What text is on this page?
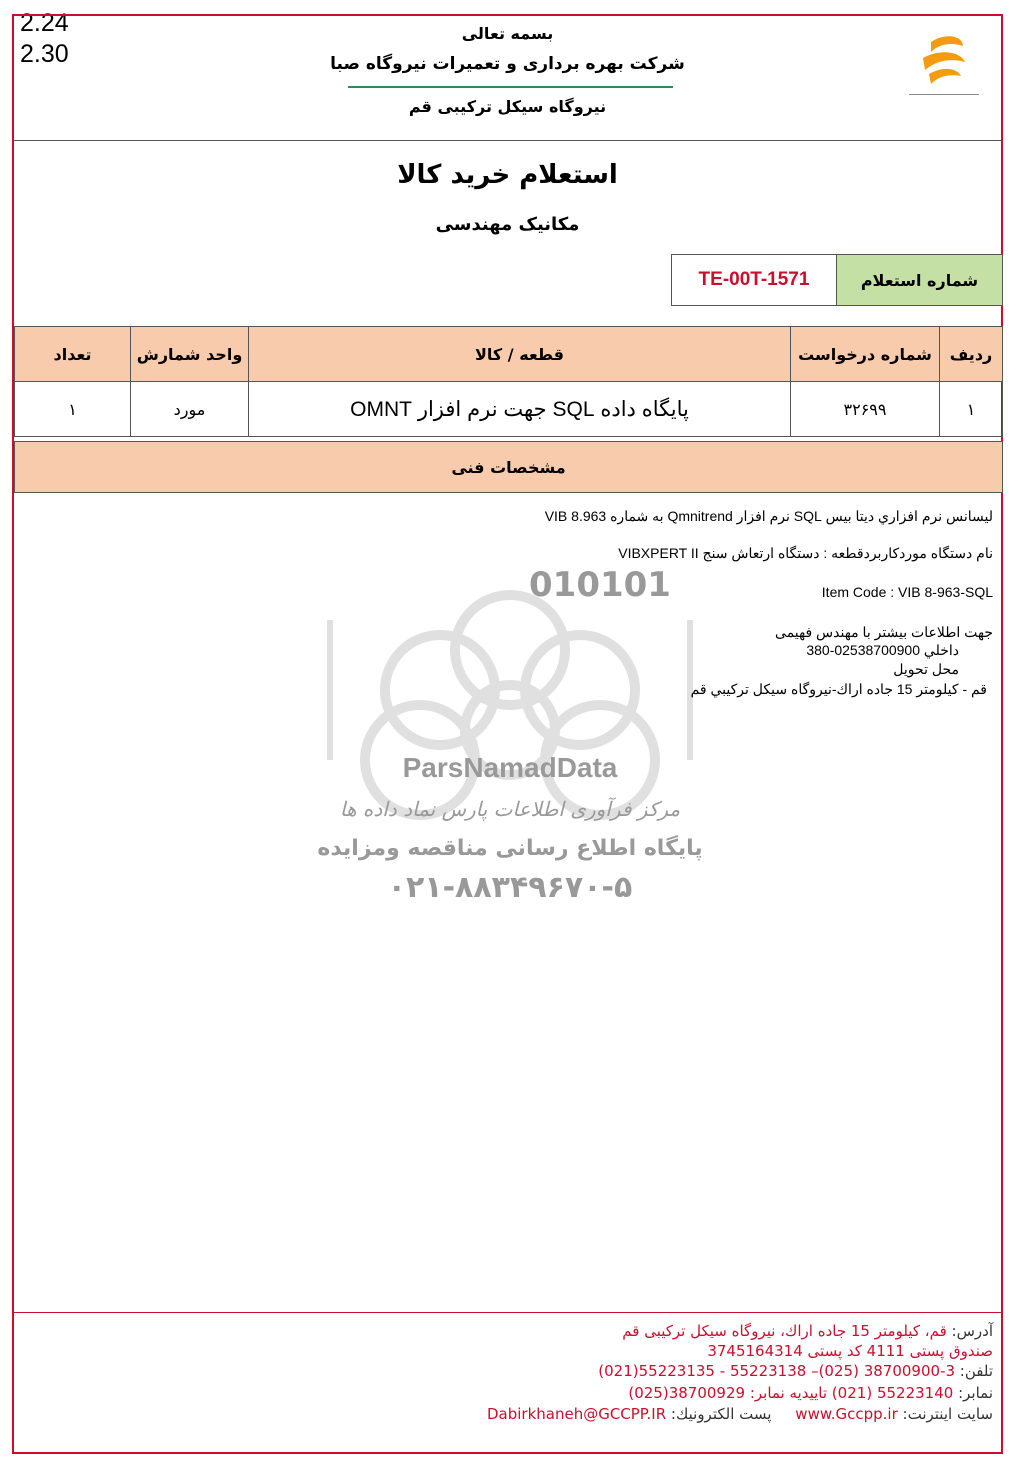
2.24
2.30
بسمه تعالی
شرکت بهره برداری و تعمیرات نیروگاه صبا
نیروگاه سیکل ترکیبی قم
استعلام خرید کالا
مکانیک مهندسی
شماره استعلام
TE-00T-1571
ردیف	شماره درخواست	قطعه / کالا	واحد شمارش	تعداد
۱	۳۲۶۹۹	پایگاه داده SQL جهت نرم افزار OMNT	مورد	۱
مشخصات فنی
010101
ParsNamadData
مرکز فرآوری اطلاعات پارس نماد داده ها
پایگاه اطلاع رسانی مناقصه ومزایده
۰۲۱-۸۸۳۴۹۶۷۰-۵
لیسانس نرم افزاري دیتا بیس SQL نرم افزار Qmnitrend به شماره VIB 8.963
نام دستگاه موردکاربردقطعه : دستگاه ارتعاش سنج VIBXPERT II
Item Code : VIB 8-963-SQL
جهت اطلاعات بیشتر با مهندس فهیمی
داخلي 02538700900-380
محل تحويل
قم - کیلومتر 15 جاده اراك-نیروگاه سیکل ترکیبي قم
آدرس: قم، کیلومتر 15 جاده اراك، نیروگاه سیکل ترکیبی قم
صندوق پستی 4111 کد پستی 3745164314
تلفن: 3-38700900 (025)– 55223138 - 55223135(021)
نمابر: 55223140 (021) تاییدیه نمابر: 38700929(025)
سایت اینترنت: www.Gccpp.ir     پست الکترونیك: Dabirkhaneh@GCCPP.IR
